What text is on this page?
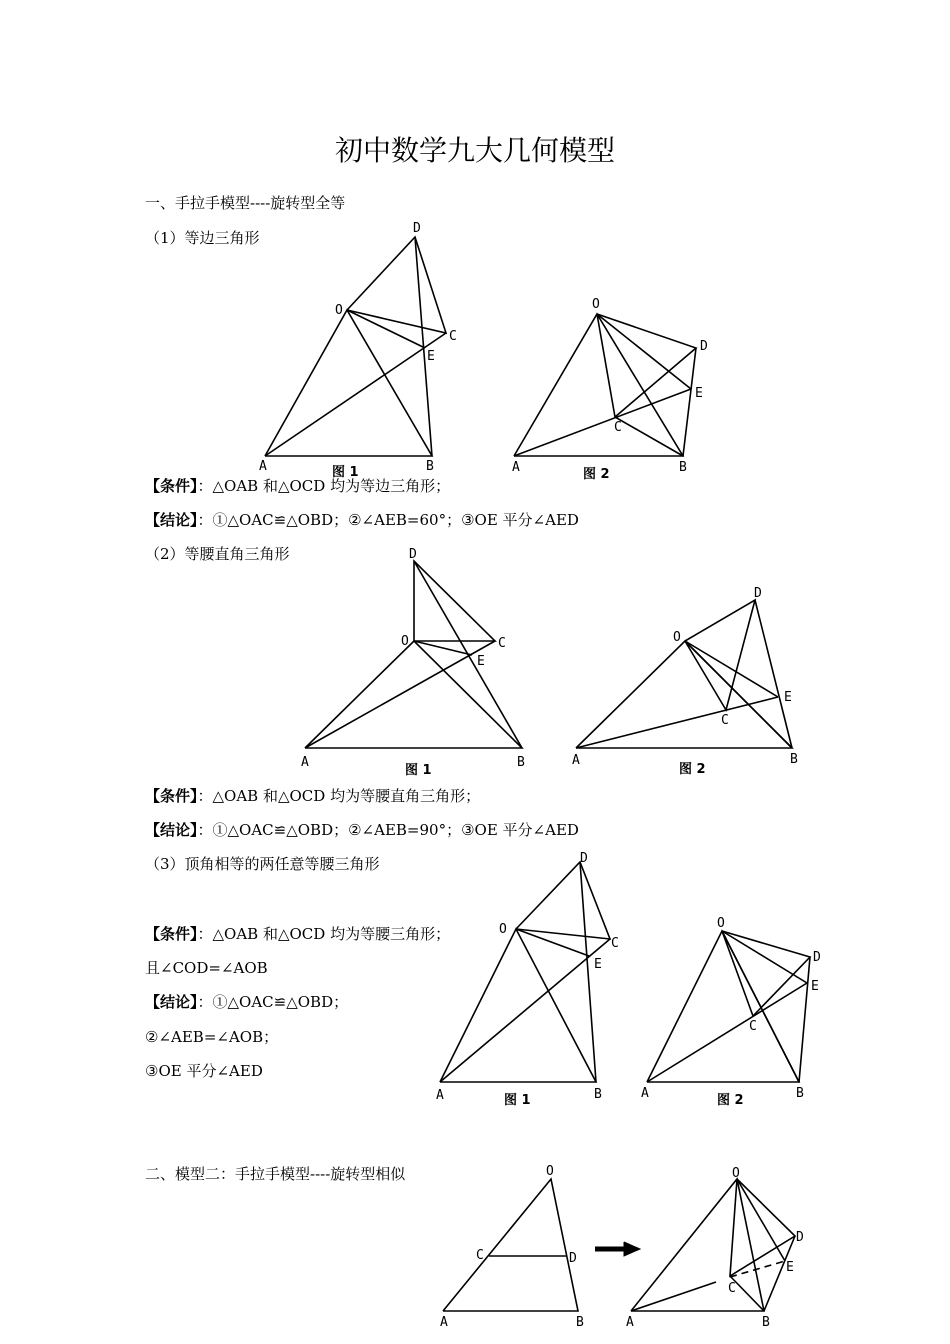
初中数学九大几何模型
一、手拉手模型----旋转型全等
（1）等边三角形
【条件】：△OAB 和△OCD 均为等边三角形；
【结论】：①△OAC≌△OBD；②∠AEB=60°；③OE 平分∠AED
（2）等腰直角三角形
【条件】：△OAB 和△OCD 均为等腰直角三角形；
【结论】：①△OAC≌△OBD；②∠AEB=90°；③OE 平分∠AED
（3）顶角相等的两任意等腰三角形
【条件】：△OAB 和△OCD 均为等腰三角形；
且∠COD=∠AOB
【结论】：①△OAC≌△OBD；
②∠AEB=∠AOB；
③OE 平分∠AED
二、模型二：手拉手模型----旋转型相似
O
D
C
E
A	B
图 1
O
D
E
C
A	B
图 2
O
D
C
E
A	B
图 1
O
D
E
C
A	B
图 2
O
D
C
E
A	B
图 1
O
D
E
C
A	B
图 2
O
C	D
A	B
O
D
E
C
A	B
